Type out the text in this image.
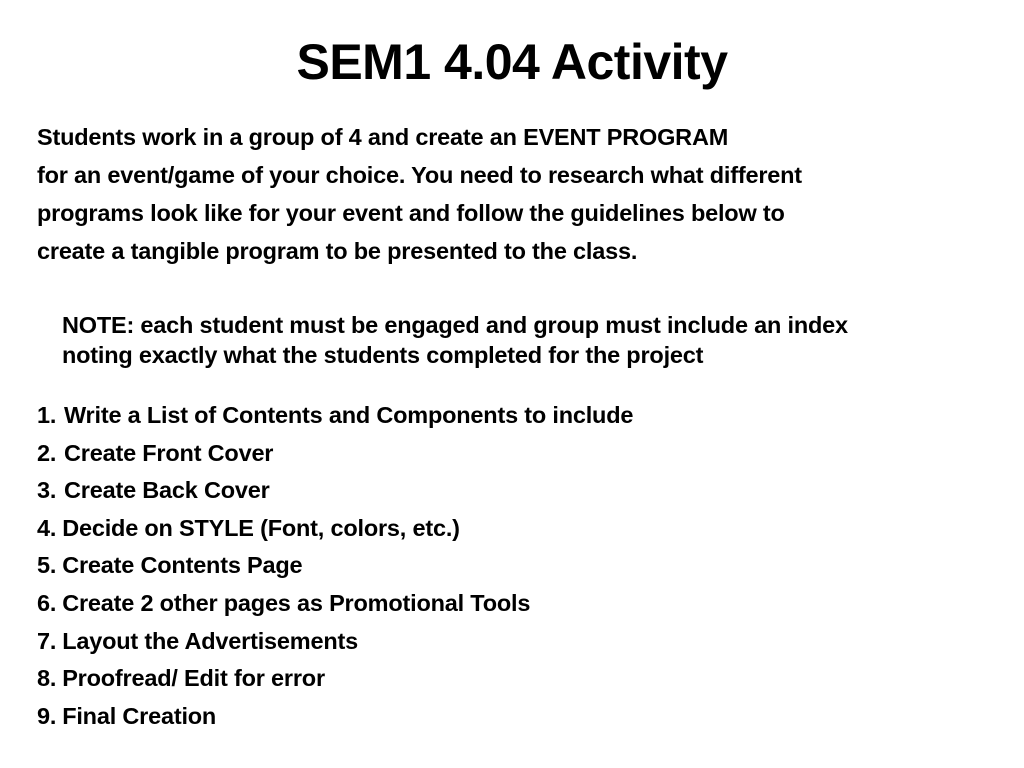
SEM1 4.04 Activity
Students work in a group of 4 and create an EVENT PROGRAM
for an event/game of your choice. You need to research what different
programs look like for your event and follow the guidelines below to
create a tangible program to be presented to the class.
NOTE: each student must be engaged and group must include an index
noting exactly what the students completed for the project
1. Write a List of Contents and Components to include
2. Create Front Cover
3. Create Back Cover
4. Decide on STYLE (Font, colors, etc.)
5. Create Contents Page
6. Create 2 other pages as Promotional Tools
7. Layout the Advertisements
8. Proofread/ Edit for error
9. Final Creation
